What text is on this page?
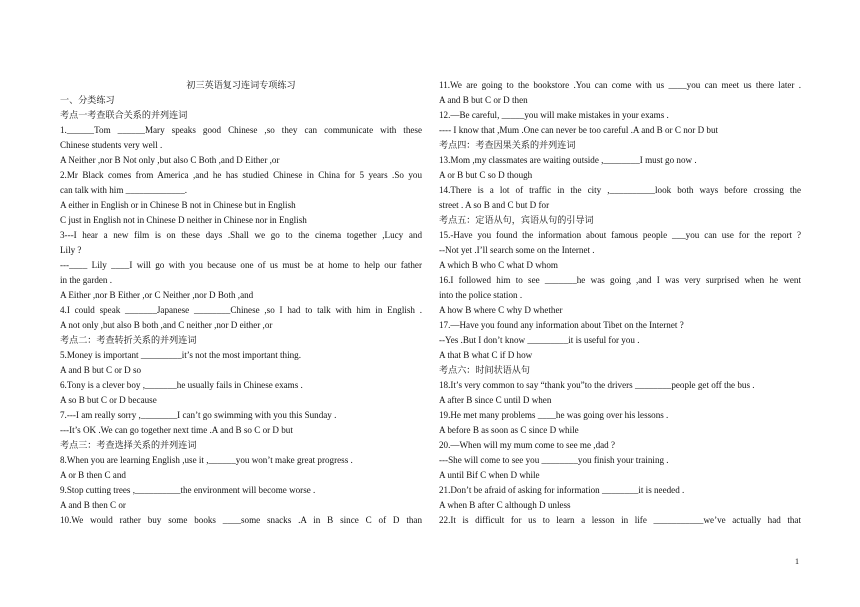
初三英语复习连词专项练习
一、分类练习
考点一考查联合关系的并列连词
1.______Tom ______Mary speaks good Chinese ,so they can communicate with these
Chinese students very well .
A Neither ,nor B Not only ,but also C Both ,and D Either ,or
2.Mr Black comes from America ,and he has studied Chinese in China for 5 years .So you
can talk with him _____________.
A either in English or in Chinese B not in Chinese but in English
C just in English not in Chinese D neither in Chinese nor in English
3---I hear a new film is on these days .Shall we go to the cinema together ,Lucy and
Lily ?
---____ Lily ____I will go with you because one of us must be at home to help our father
in the garden .
A Either ,nor B Either ,or C Neither ,nor D Both ,and
4.I could speak _______Japanese ________Chinese ,so I had to talk with him in English .
A not only ,but also B both ,and C neither ,nor D either ,or
考点二：考查转折关系的并列连词
5.Money is important _________it’s not the most important thing.
A and B but C or D so
6.Tony is a clever boy ,_______he usually fails in Chinese exams .
A so B but C or D because
7.---I am really sorry ,________I can’t go swimming with you this Sunday .
---It’s OK .We can go together next time .A and B so C or D but
考点三：考查选择关系的并列连词
8.When you are learning English ,use it ,______you won’t make great progress .
A or B then C and
9.Stop cutting trees ,__________the environment will become worse .
A and B then C or
10.We would rather buy some books ____some snacks .A in B since C of D than
11.We are going to the bookstore .You can come with us ____you can meet us there later .
A and B but C or D then
12.—Be careful, _____you will make mistakes in your exams .
---- I know that ,Mum .One can never be too careful .A and B or C nor D but
考点四：考查因果关系的并列连词
13.Mom ,my classmates are waiting outside ,________I must go now .
A or B but C so D though
14.There is a lot of traffic in the city ,__________look both ways before crossing the
street . A so B and C but D for
考点五：定语从句，宾语从句的引导词
15.-Have you found the information about famous people ___you can use for the report ?
--Not yet .I’ll search some on the Internet .
A which B who C what D whom
16.I followed him to see _______he was going ,and I was very surprised when he went
into the police station .
A how B where C why D whether
17.—Have you found any information about Tibet on the Internet ?
--Yes .But I don’t know _________it is useful for you .
A that B what C if D how
考点六：时间状语从句
18.It’s very common to say “thank you”to the drivers ________people get off the bus .
A after B since C until D when
19.He met many problems ____he was going over his lessons .
A before B as soon as C since D while
20.—When will my mum come to see me ,dad ?
---She will come to see you ________you finish your training .
A until Bif C when D while
21.Don’t be afraid of asking for information ________it is needed .
A when B after C although D unless
22.It is difficult for us to learn a lesson in life ___________we’ve actually had that
1
